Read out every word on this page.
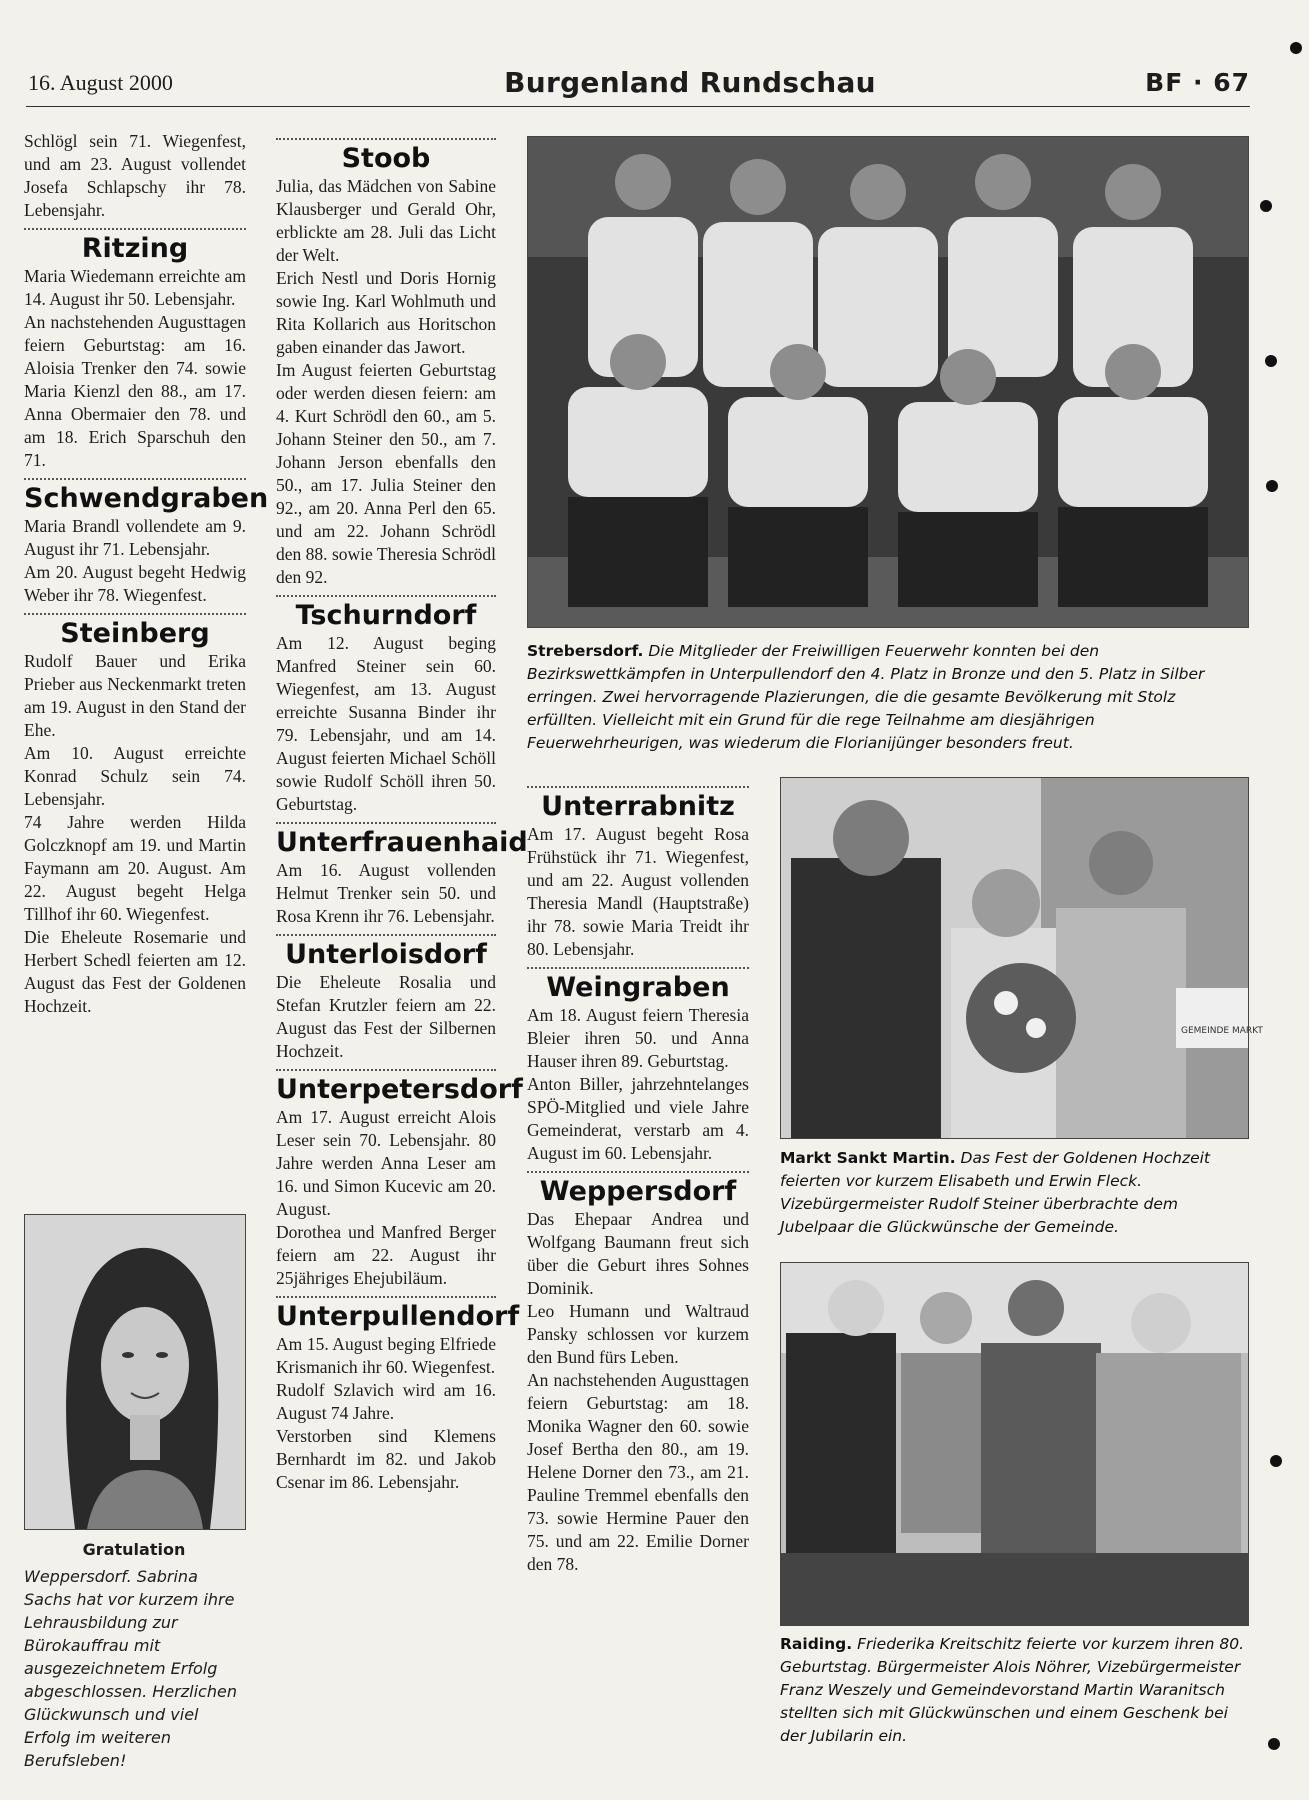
16. August 2000	Burgenland Rundschau	BF · 67

Schlögl sein 71. Wiegenfest, und am 23. August vollendet Josefa Schlapschy ihr 78. Lebensjahr.

Ritzing

Maria Wiedemann erreichte am 14. August ihr 50. Lebensjahr.

An nachstehenden Augusttagen feiern Geburtstag: am 16. Aloisia Trenker den 74. sowie Maria Kienzl den 88., am 17. Anna Obermaier den 78. und am 18. Erich Sparschuh den 71.

Schwendgraben

Maria Brandl vollendete am 9. August ihr 71. Lebensjahr.

Am 20. August begeht Hedwig Weber ihr 78. Wiegenfest.

Steinberg

Rudolf Bauer und Erika Prieber aus Neckenmarkt treten am 19. August in den Stand der Ehe.

Am 10. August erreichte Konrad Schulz sein 74. Lebensjahr.

74 Jahre werden Hilda Golczknopf am 19. und Martin Faymann am 20. August. Am 22. August begeht Helga Tillhof ihr 60. Wiegenfest.

Die Eheleute Rosemarie und Herbert Schedl feierten am 12. August das Fest der Goldenen Hochzeit.

Gratulation
Weppersdorf. Sabrina Sachs hat vor kurzem ihre Lehrausbildung zur Bürokauffrau mit ausgezeichnetem Erfolg abgeschlossen. Herzlichen Glückwunsch und viel Erfolg im weiteren Berufsleben!
Stoob

Julia, das Mädchen von Sabine Klausberger und Gerald Ohr, erblickte am 28. Juli das Licht der Welt.

Erich Nestl und Doris Hornig sowie Ing. Karl Wohlmuth und Rita Kollarich aus Horitschon gaben einander das Jawort.

Im August feierten Geburtstag oder werden diesen feiern: am 4. Kurt Schrödl den 60., am 5. Johann Steiner den 50., am 7. Johann Jerson ebenfalls den 50., am 17. Julia Steiner den 92., am 20. Anna Perl den 65. und am 22. Johann Schrödl den 88. sowie Theresia Schrödl den 92.

Tschurndorf

Am 12. August beging Manfred Steiner sein 60. Wiegenfest, am 13. August erreichte Susanna Binder ihr 79. Lebensjahr, und am 14. August feierten Michael Schöll sowie Rudolf Schöll ihren 50. Geburtstag.

Unterfrauenhaid

Am 16. August vollenden Helmut Trenker sein 50. und Rosa Krenn ihr 76. Lebensjahr.

Unterloisdorf

Die Eheleute Rosalia und Stefan Krutzler feiern am 22. August das Fest der Silbernen Hochzeit.

Unterpetersdorf

Am 17. August erreicht Alois Leser sein 70. Lebensjahr. 80 Jahre werden Anna Leser am 16. und Simon Kucevic am 20. August.

Dorothea und Manfred Berger feiern am 22. August ihr 25jähriges Ehejubiläum.

Unterpullendorf

Am 15. August beging Elfriede Krismanich ihr 60. Wiegenfest.

Rudolf Szlavich wird am 16. August 74 Jahre.

Verstorben sind Klemens Bernhardt im 82. und Jakob Csenar im 86. Lebensjahr.

Strebersdorf. Die Mitglieder der Freiwilligen Feuerwehr konnten bei den Bezirkswettkämpfen in Unterpullendorf den 4. Platz in Bronze und den 5. Platz in Silber erringen. Zwei hervorragende Plazierungen, die die gesamte Bevölkerung mit Stolz erfüllten. Vielleicht mit ein Grund für die rege Teilnahme am diesjährigen Feuerwehrheurigen, was wiederum die Florianijünger besonders freut.
Unterrabnitz

Am 17. August begeht Rosa Frühstück ihr 71. Wiegenfest, und am 22. August vollenden Theresia Mandl (Hauptstraße) ihr 78. sowie Maria Treidt ihr 80. Lebensjahr.

Weingraben

Am 18. August feiern Theresia Bleier ihren 50. und Anna Hauser ihren 89. Geburtstag.

Anton Biller, jahrzehntelanges SPÖ-Mitglied und viele Jahre Gemeinderat, verstarb am 4. August im 60. Lebensjahr.

Weppersdorf

Das Ehepaar Andrea und Wolfgang Baumann freut sich über die Geburt ihres Sohnes Dominik.

Leo Humann und Waltraud Pansky schlossen vor kurzem den Bund fürs Leben.

An nachstehenden Augusttagen feiern Geburtstag: am 18. Monika Wagner den 60. sowie Josef Bertha den 80., am 19. Helene Dorner den 73., am 21. Pauline Tremmel ebenfalls den 73. sowie Hermine Pauer den 75. und am 22. Emilie Dorner den 78.

GEMEINDE MARKT
Markt Sankt Martin. Das Fest der Goldenen Hochzeit feierten vor kurzem Elisabeth und Erwin Fleck. Vizebürgermeister Rudolf Steiner überbrachte dem Jubelpaar die Glückwünsche der Gemeinde.
Raiding. Friederika Kreitschitz feierte vor kurzem ihren 80. Geburtstag. Bürgermeister Alois Nöhrer, Vizebürgermeister Franz Weszely und Gemeindevorstand Martin Waranitsch stellten sich mit Glückwünschen und einem Geschenk bei der Jubilarin ein.
